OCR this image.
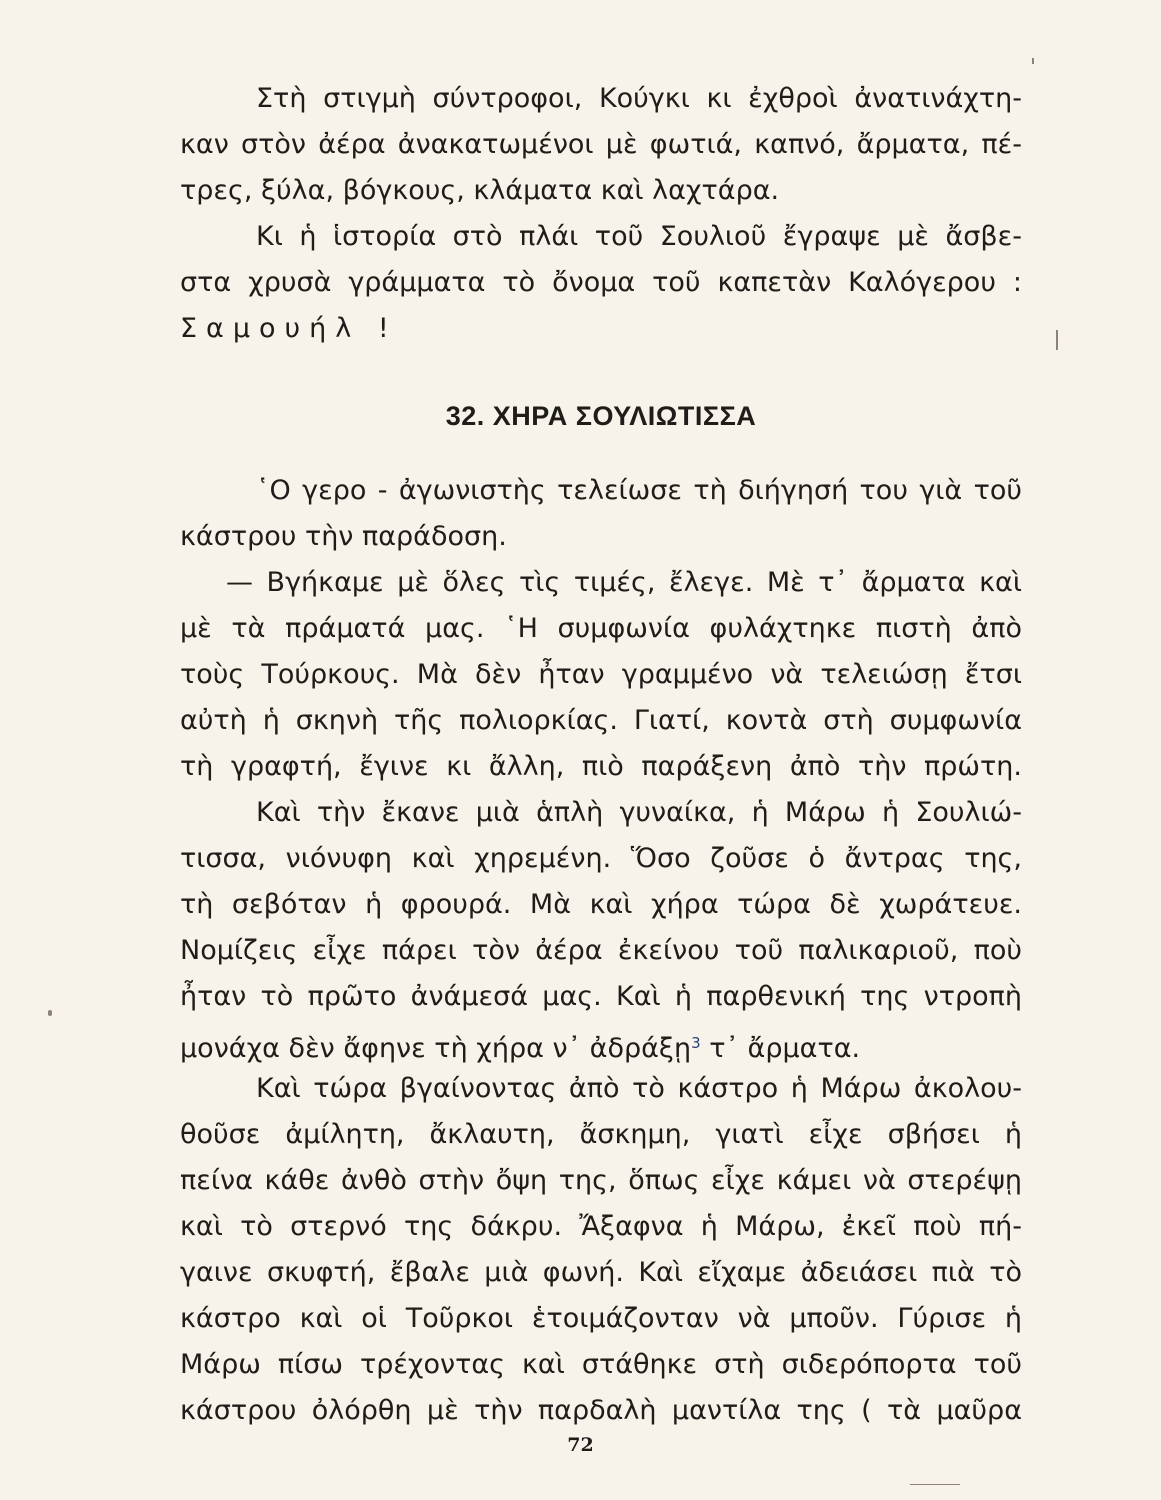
Στὴ στιγμὴ σύντροφοι, Κούγκι κι ἐχθροὶ ἀνατινάχτη-
καν στὸν ἀέρα ἀνακατωμένοι μὲ φωτιά, καπνό, ἄρματα, πέ-
τρες, ξύλα, βόγκους, κλάματα καὶ λαχτάρα.
Κι ἡ ἱστορία στὸ πλάι τοῦ Σουλιοῦ ἔγραψε μὲ ἄσβε-
στα χρυσὰ γράμματα τὸ ὄνομα τοῦ καπετὰν Καλόγερου :
Σαμουήλ !
32. ΧΗΡΑ ΣΟΥΛΙΩΤΙΣΣΑ
῾Ο γερο - ἀγωνιστὴς τελείωσε τὴ διήγησή του γιὰ τοῦ
κάστρου τὴν παράδοση.
— Βγήκαμε μὲ ὅλες τὶς τιμές, ἔλεγε. Μὲ τ᾽ ἄρματα καὶ
μὲ τὰ πράματά μας. ῾Η συμφωνία φυλάχτηκε πιστὴ ἀπὸ
τοὺς Τούρκους. Μὰ δὲν ἦταν γραμμένο νὰ τελειώσῃ ἔτσι
αὐτὴ ἡ σκηνὴ τῆς πολιορκίας. Γιατί, κοντὰ στὴ συμφωνία
τὴ γραφτή, ἔγινε κι ἄλλη, πιὸ παράξενη ἀπὸ τὴν πρώτη.
Καὶ τὴν ἔκανε μιὰ ἁπλὴ γυναίκα, ἡ Μάρω ἡ Σουλιώ-
τισσα, νιόνυφη καὶ χηρεμένη. Ὅσο ζοῦσε ὁ ἄντρας της,
τὴ σεβόταν ἡ φρουρά. Μὰ καὶ χήρα τώρα δὲ χωράτευε.
Νομίζεις εἶχε πάρει τὸν ἀέρα ἐκείνου τοῦ παλικαριοῦ, ποὺ
ἦταν τὸ πρῶτο ἀνάμεσά μας. Καὶ ἡ παρθενική της ντροπὴ
μονάχα δὲν ἄφηνε τὴ χήρα ν᾽ ἀδράξῃ$^3$ τ᾽ ἄρματα.
Καὶ τώρα βγαίνοντας ἀπὸ τὸ κάστρο ἡ Μάρω ἀκολου-
θοῦσε ἀμίλητη, ἄκλαυτη, ἄσκημη, γιατὶ εἶχε σβήσει ἡ
πείνα κάθε ἀνθὸ στὴν ὄψη της, ὅπως εἶχε κάμει νὰ στερέψῃ
καὶ τὸ στερνό της δάκρυ. Ἄξαφνα ἡ Μάρω, ἐκεῖ ποὺ πή-
γαινε σκυφτή, ἔβαλε μιὰ φωνή. Καὶ εἴχαμε ἀδειάσει πιὰ τὸ
κάστρο καὶ οἱ Τοῦρκοι ἑτοιμάζονταν νὰ μποῦν. Γύρισε ἡ
Μάρω πίσω τρέχοντας καὶ στάθηκε στὴ σιδερόπορτα τοῦ
κάστρου ὀλόρθη μὲ τὴν παρδαλὴ μαντίλα της ( τὰ μαῦρα
72
